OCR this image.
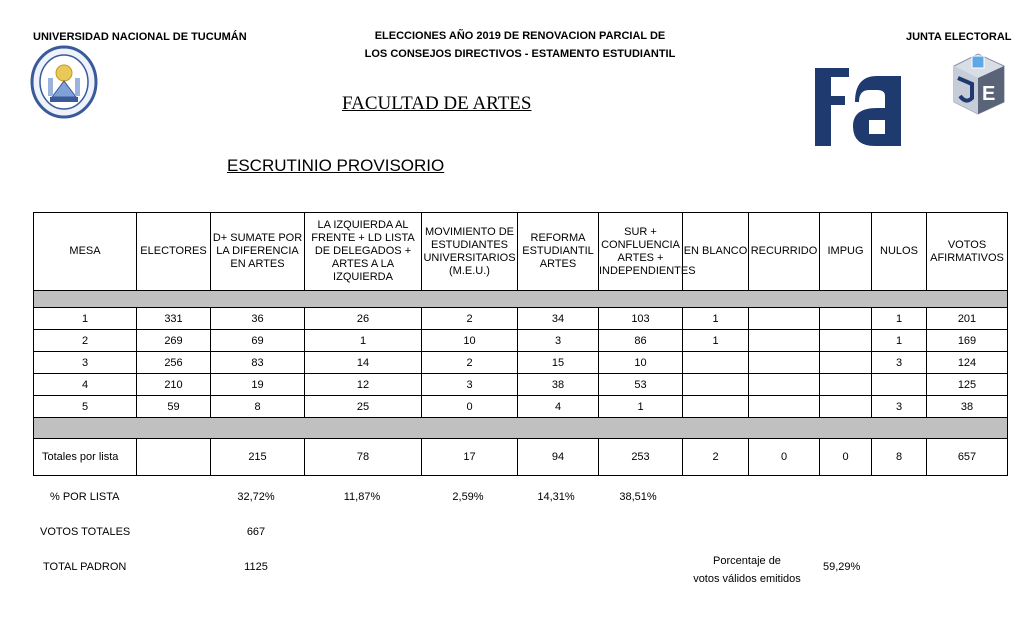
UNIVERSIDAD NACIONAL DE TUCUMÁN	ELECCIONES AÑO 2019 DE RENOVACION PARCIAL DE
LOS CONSEJOS DIRECTIVOS - ESTAMENTO ESTUDIANTIL
JUNTA ELECTORAL
E
FACULTAD DE ARTES
ESCRUTINIO PROVISORIO
MESA	ELECTORES	D+ SUMATE POR LA DIFERENCIA EN ARTES	LA IZQUIERDA AL FRENTE + LD LISTA DE DELEGADOS + ARTES A LA IZQUIERDA	MOVIMIENTO DE ESTUDIANTES UNIVERSITARIOS (M.E.U.)	REFORMA ESTUDIANTIL ARTES	SUR + CONFLUENCIA ARTES + INDEPENDIENTES	EN BLANCO	RECURRIDO	IMPUG	NULOS	VOTOS AFIRMATIVOS

1	331	36	26	2	34	103	1			1	201
2	269	69	1	10	3	86	1			1	169
3	256	83	14	2	15	10				3	124
4	210	19	12	3	38	53					125
5	59	8	25	0	4	1				3	38

Totales por lista		215	78	17	94	253	2	0	0	8	657
% POR LISTA	32,72%	11,87%	2,59%	14,31%	38,51%
VOTOS TOTALES	667
TOTAL PADRON	1125	Porcentaje de
votos válidos emitidos
59,29%
